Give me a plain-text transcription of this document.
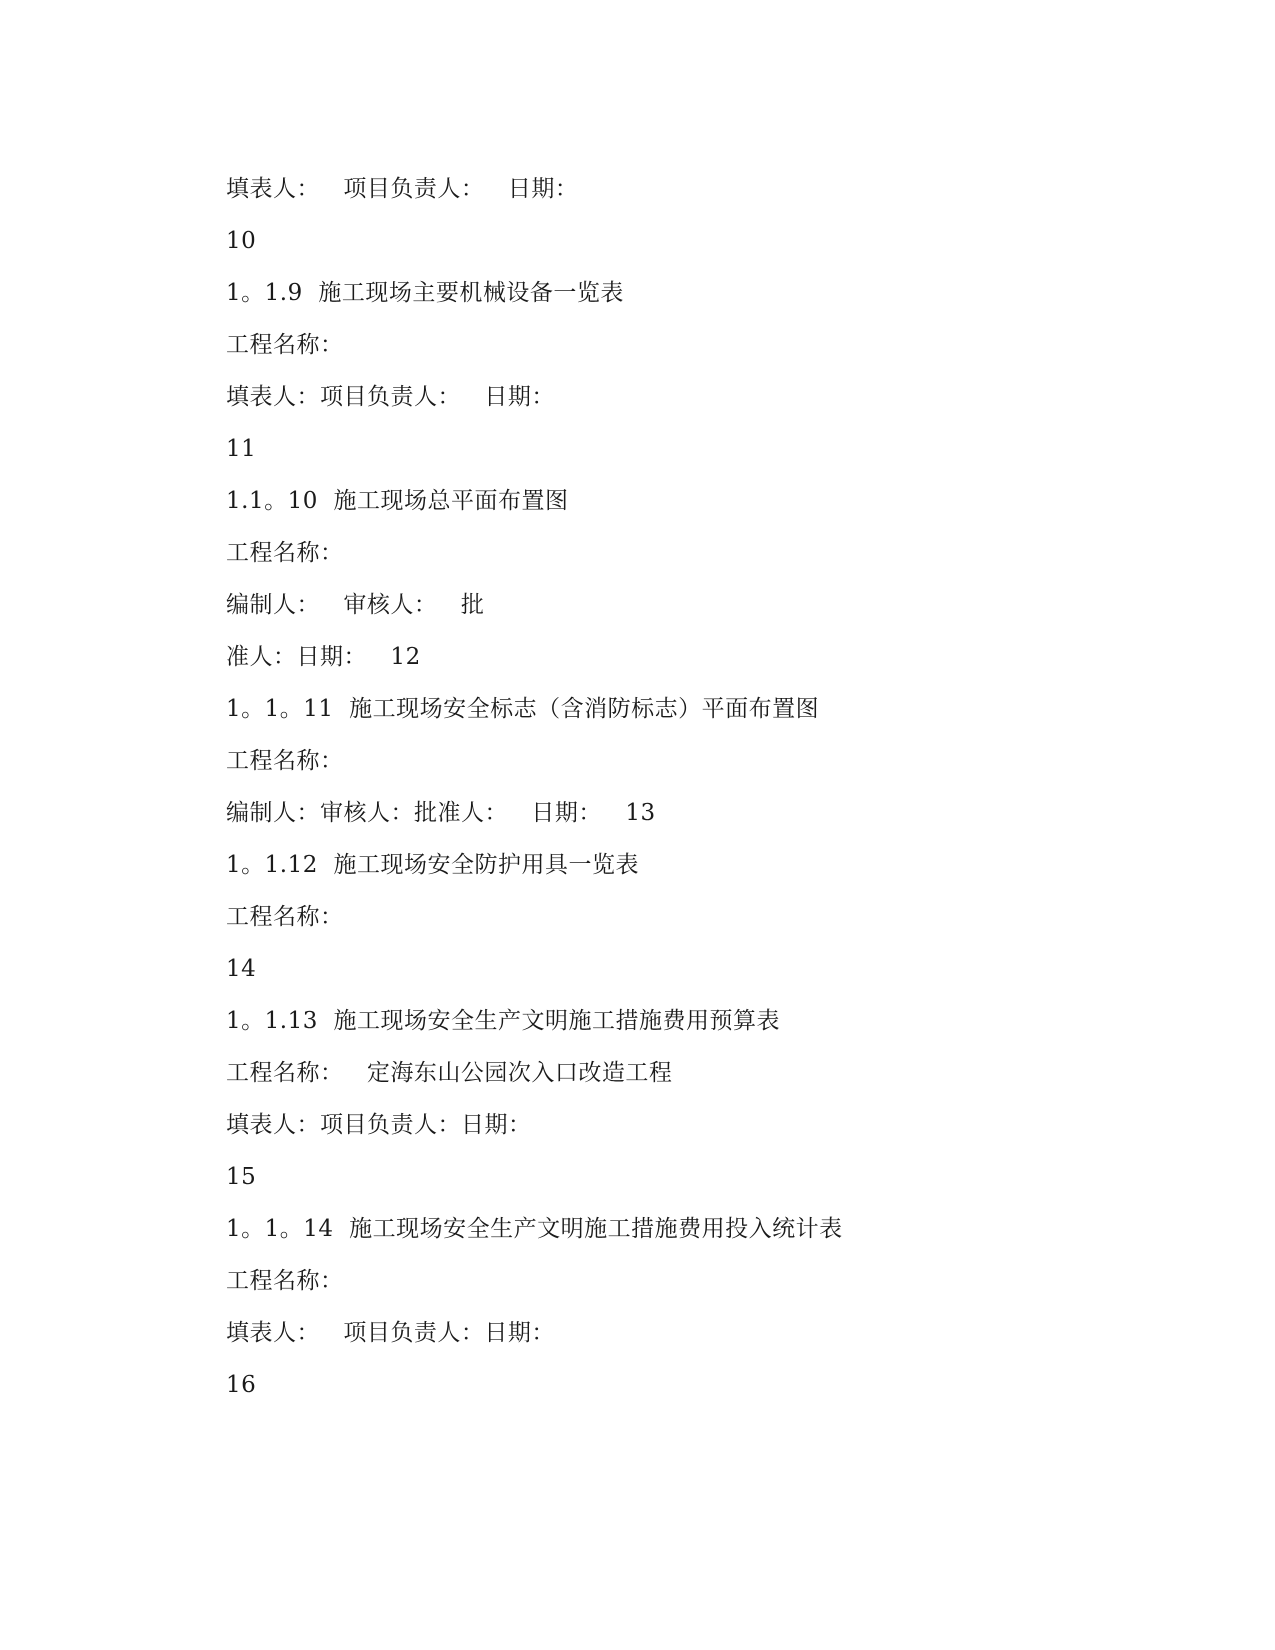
填表人：   项目负责人：   日期：
10
1。1.9  施工现场主要机械设备一览表
工程名称：
填表人：项目负责人：   日期：
11
1.1。10  施工现场总平面布置图
工程名称：
编制人：   审核人：   批
准人：日期：   12
1。1。11  施工现场安全标志（含消防标志）平面布置图
工程名称：
编制人：审核人：批准人：   日期：   13
1。1.12  施工现场安全防护用具一览表
工程名称：
14
1。1.13  施工现场安全生产文明施工措施费用预算表
工程名称：   定海东山公园次入口改造工程
填表人：项目负责人：日期：
15
1。1。14  施工现场安全生产文明施工措施费用投入统计表
工程名称：
填表人：   项目负责人：日期：
16
